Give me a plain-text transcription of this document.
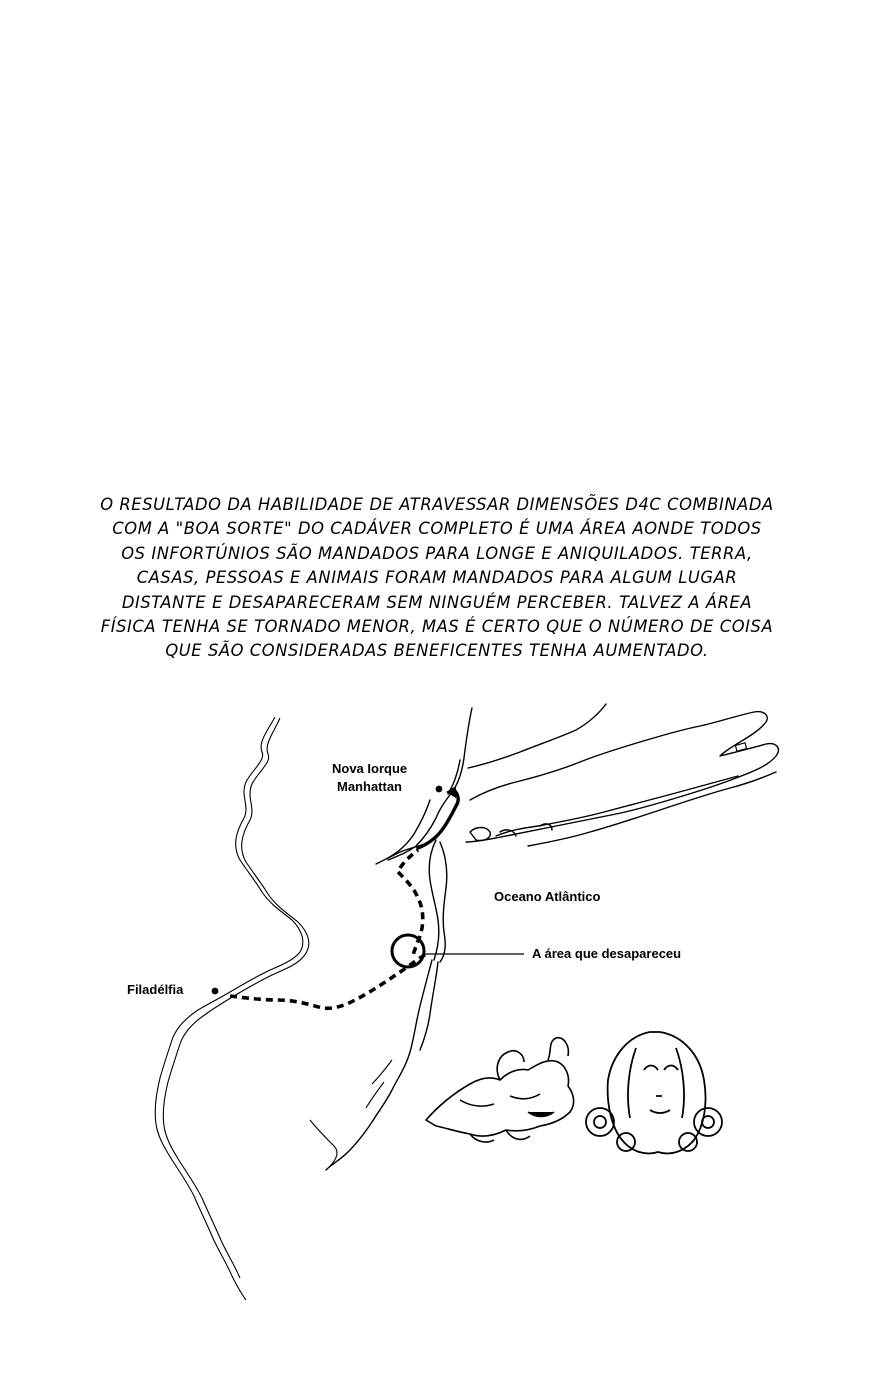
O RESULTADO DA HABILIDADE DE ATRAVESSAR DIMENSÕES D4C COMBINADA
COM A "BOA SORTE" DO CADÁVER COMPLETO É UMA ÁREA AONDE TODOS
OS INFORTÚNIOS SÃO MANDADOS PARA LONGE E ANIQUILADOS. TERRA,
CASAS, PESSOAS E ANIMAIS FORAM MANDADOS PARA ALGUM LUGAR
DISTANTE E DESAPARECERAM SEM NINGUÉM PERCEBER. TALVEZ A ÁREA
FÍSICA TENHA SE TORNADO MENOR, MAS É CERTO QUE O NÚMERO DE COISA
QUE SÃO CONSIDERADAS BENEFICENTES TENHA AUMENTADO.
Nova Iorque
Manhattan
Oceano Atlântico
A área que desapareceu
Filadélfia
